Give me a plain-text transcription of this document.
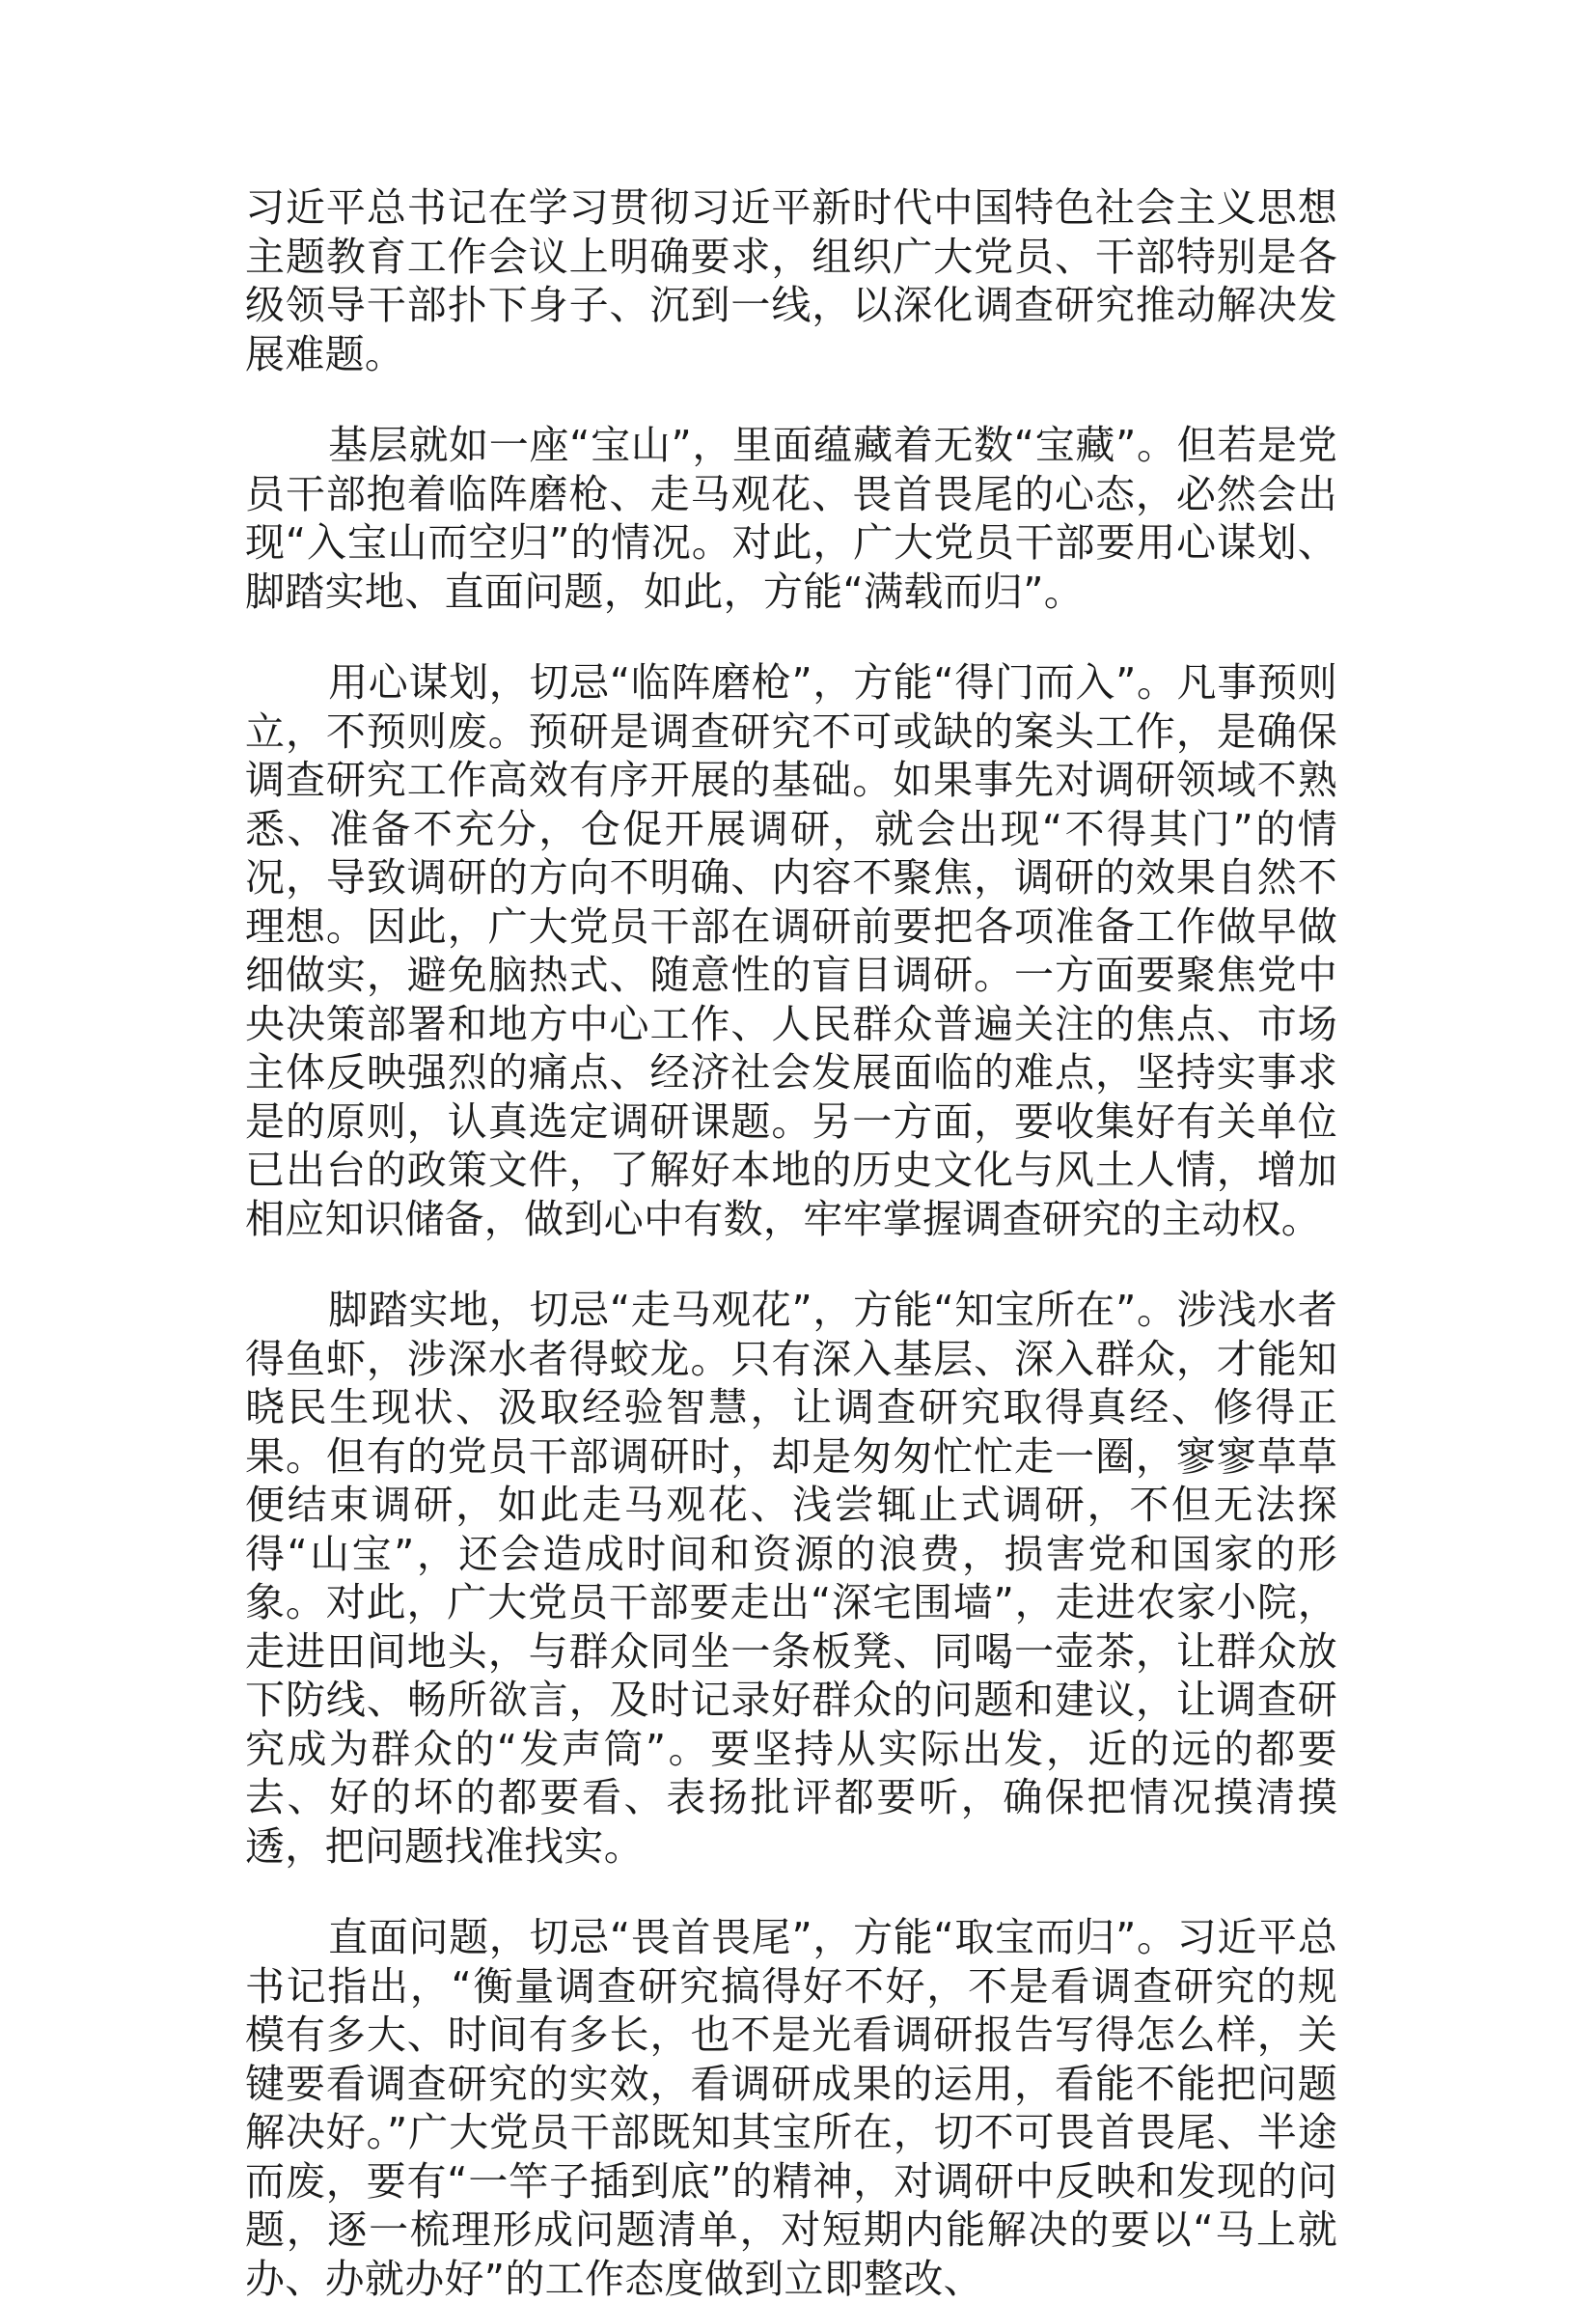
习近平总书记在学习贯彻习近平新时代中国特色社会主义思想主题教育工作会议上明确要求，组织广大党员、干部特别是各级领导干部扑下身子、沉到一线，以深化调查研究推动解决发展难题。

基层就如一座“宝山”，里面蕴藏着无数“宝藏”。但若是党员干部抱着临阵磨枪、走马观花、畏首畏尾的心态，必然会出现“入宝山而空归”的情况。对此，广大党员干部要用心谋划、脚踏实地、直面问题，如此，方能“满载而归”。

用心谋划，切忌“临阵磨枪”，方能“得门而入”。凡事预则立，不预则废。预研是调查研究不可或缺的案头工作，是确保调查研究工作高效有序开展的基础。如果事先对调研领域不熟悉、准备不充分，仓促开展调研，就会出现“不得其门”的情况，导致调研的方向不明确、内容不聚焦，调研的效果自然不理想。因此，广大党员干部在调研前要把各项准备工作做早做细做实，避免脑热式、随意性的盲目调研。一方面要聚焦党中央决策部署和地方中心工作、人民群众普遍关注的焦点、市场主体反映强烈的痛点、经济社会发展面临的难点，坚持实事求是的原则，认真选定调研课题。另一方面，要收集好有关单位已出台的政策文件，了解好本地的历史文化与风土人情，增加相应知识储备，做到心中有数，牢牢掌握调查研究的主动权。

脚踏实地，切忌“走马观花”，方能“知宝所在”。涉浅水者得鱼虾，涉深水者得蛟龙。只有深入基层、深入群众，才能知晓民生现状、汲取经验智慧，让调查研究取得真经、修得正果。但有的党员干部调研时，却是匆匆忙忙走一圈，寥寥草草便结束调研，如此走马观花、浅尝辄止式调研，不但无法探得“山宝”，还会造成时间和资源的浪费，损害党和国家的形象。对此，广大党员干部要走出“深宅围墙”，走进农家小院，走进田间地头，与群众同坐一条板凳、同喝一壶茶，让群众放下防线、畅所欲言，及时记录好群众的问题和建议，让调查研究成为群众的“发声筒”。要坚持从实际出发，近的远的都要去、好的坏的都要看、表扬批评都要听，确保把情况摸清摸透，把问题找准找实。

直面问题，切忌“畏首畏尾”，方能“取宝而归”。习近平总书记指出，“衡量调查研究搞得好不好，不是看调查研究的规模有多大、时间有多长，也不是光看调研报告写得怎么样，关键要看调查研究的实效，看调研成果的运用，看能不能把问题解决好。”广大党员干部既知其宝所在，切不可畏首畏尾、半途而废，要有“一竿子插到底”的精神，对调研中反映和发现的问题，逐一梳理形成问题清单，对短期内能解决的要以“马上就办、办就办好”的工作态度做到立即整改、
